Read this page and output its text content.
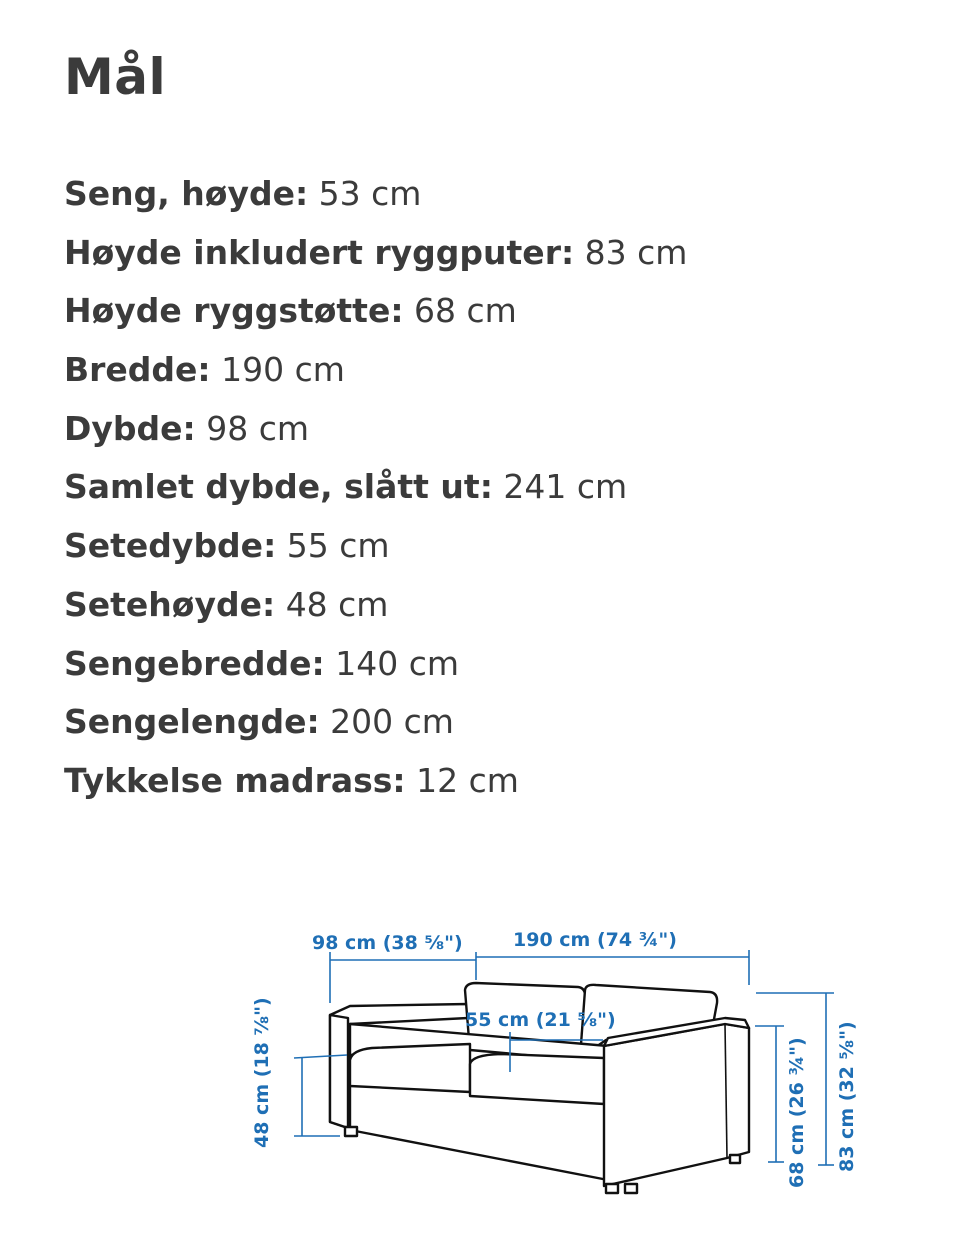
Mål
Seng, høyde: 53 cm
Høyde inkludert ryggputer: 83 cm
Høyde ryggstøtte: 68 cm
Bredde: 190 cm
Dybde: 98 cm
Samlet dybde, slått ut: 241 cm
Setedybde: 55 cm
Setehøyde: 48 cm
Sengebredde: 140 cm
Sengelengde: 200 cm
Tykkelse madrass: 12 cm
98 cm (38 ⅝")	190 cm (74 ¾")
55 cm (21 ⅝")
48 cm (18 ⅞")	68 cm (26 ¾") 83 cm (32 ⅝")
